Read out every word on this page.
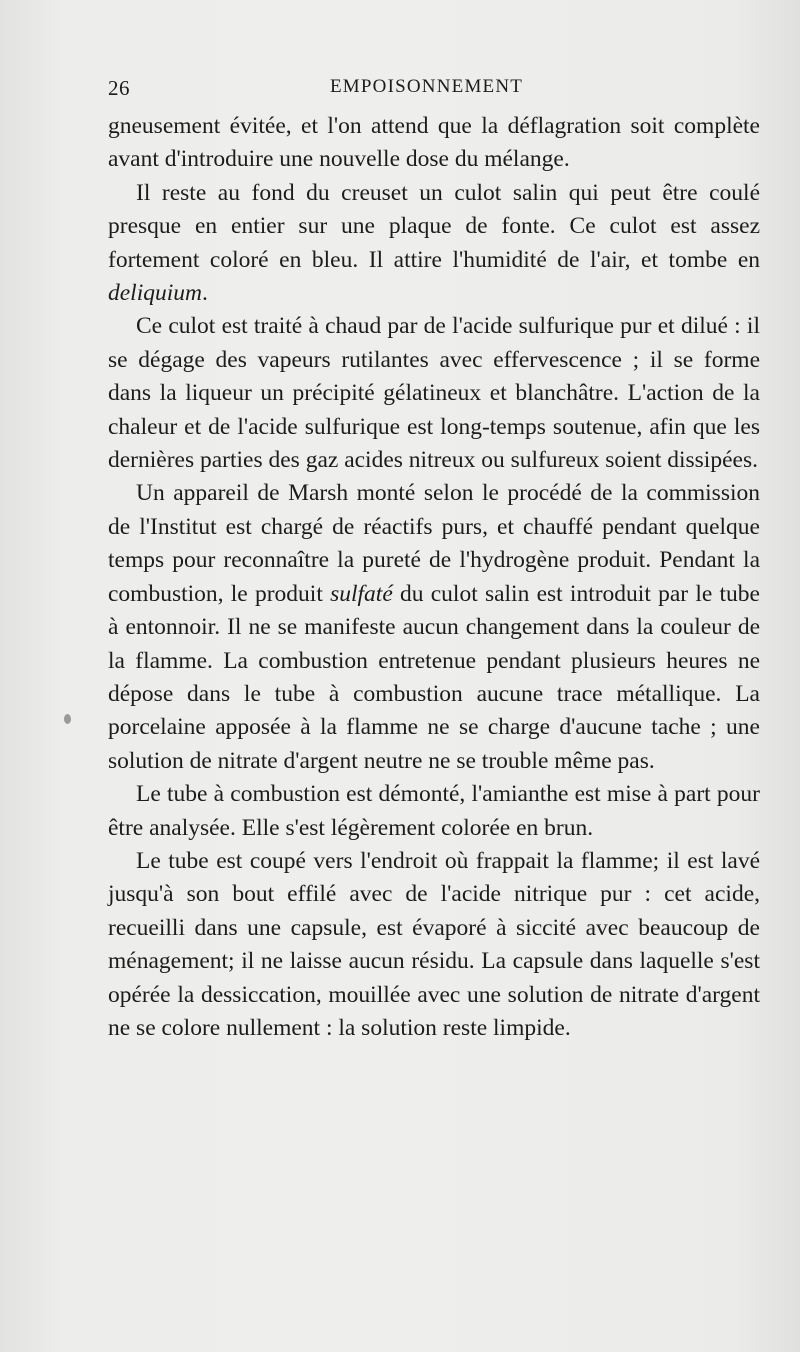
26	EMPOISONNEMENT

gneusement évitée, et l'on attend que la déflagration soit complète avant d'introduire une nouvelle dose du mélange.

Il reste au fond du creuset un culot salin qui peut être coulé presque en entier sur une plaque de fonte. Ce culot est assez fortement coloré en bleu. Il attire l'humidité de l'air, et tombe en deliquium.

Ce culot est traité à chaud par de l'acide sulfurique pur et dilué : il se dégage des vapeurs rutilantes avec effervescence ; il se forme dans la liqueur un précipité gélatineux et blanchâtre. L'action de la chaleur et de l'acide sulfurique est long-temps soutenue, afin que les dernières parties des gaz acides nitreux ou sulfureux soient dissipées.

Un appareil de Marsh monté selon le procédé de la commission de l'Institut est chargé de réactifs purs, et chauffé pendant quelque temps pour reconnaître la pureté de l'hydrogène produit. Pendant la combustion, le produit sulfaté du culot salin est introduit par le tube à entonnoir. Il ne se manifeste aucun changement dans la couleur de la flamme. La combustion entretenue pendant plusieurs heures ne dépose dans le tube à combustion aucune trace métallique. La porcelaine apposée à la flamme ne se charge d'aucune tache ; une solution de nitrate d'argent neutre ne se trouble même pas.

Le tube à combustion est démonté, l'amianthe est mise à part pour être analysée. Elle s'est légèrement colorée en brun.

Le tube est coupé vers l'endroit où frappait la flamme; il est lavé jusqu'à son bout effilé avec de l'acide nitrique pur : cet acide, recueilli dans une capsule, est évaporé à siccité avec beaucoup de ménagement; il ne laisse aucun résidu. La capsule dans laquelle s'est opérée la dessiccation, mouillée avec une solution de nitrate d'argent ne se colore nullement : la solution reste limpide.
